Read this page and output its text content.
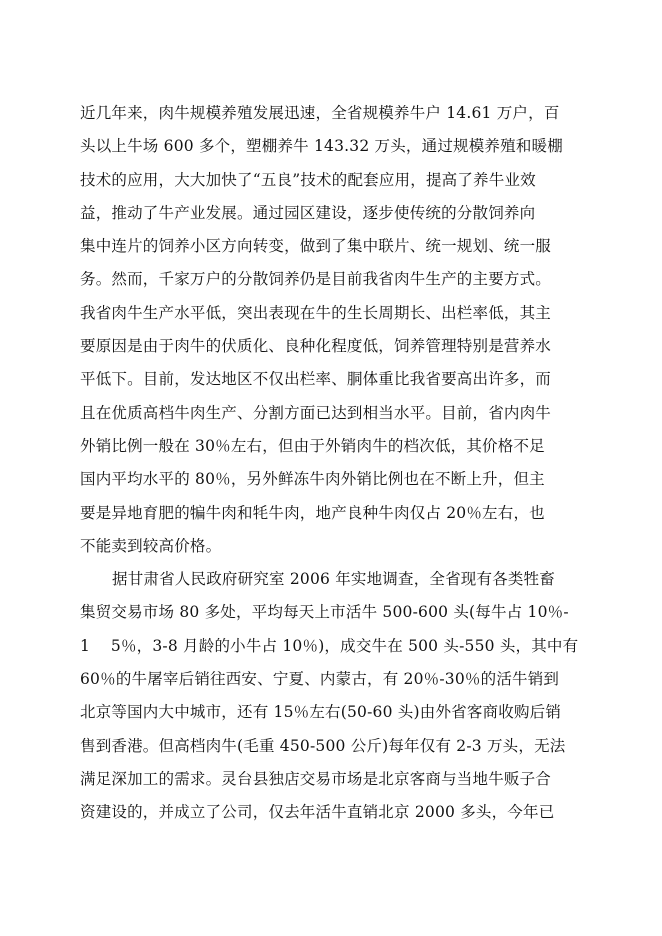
近几年来，肉牛规模养殖发展迅速，全省规模养牛户 14.61 万户，百
头以上牛场 600 多个，塑棚养牛 143.32 万头，通过规模养殖和暖棚
技术的应用，大大加快了“五良”技术的配套应用，提高了养牛业效
益，推动了牛产业发展。通过园区建设，逐步使传统的分散饲养向
集中连片的饲养小区方向转变，做到了集中联片、统一规划、统一服
务。然而，千家万户的分散饲养仍是目前我省肉牛生产的主要方式。
我省肉牛生产水平低，突出表现在牛的生长周期长、出栏率低，其主
要原因是由于肉牛的伏质化、良种化程度低，饲养管理特别是营养水
平低下。目前，发达地区不仅出栏率、胴体重比我省要高出许多，而
且在优质高档牛肉生产、分割方面已达到相当水平。目前，省内肉牛
外销比例一般在 30％左右，但由于外销肉牛的档次低，其价格不足
国内平均水平的 80％，另外鲜冻牛肉外销比例也在不断上升，但主
要是异地育肥的犏牛肉和牦牛肉，地产良种牛肉仅占 20％左右，也
不能卖到较高价格。
据甘肃省人民政府研究室 2006 年实地调查，全省现有各类牲畜
集贸交易市场 80 多处，平均每天上市活牛 500-600 头(每牛占 10％-
1　 5％，3-8 月龄的小牛占 10％)，成交牛在 500 头-550 头，其中有
60％的牛屠宰后销往西安、宁夏、内蒙古，有 20％-30％的活牛销到
北京等国内大中城市，还有 15％左右(50-60 头)由外省客商收购后销
售到香港。但高档肉牛(毛重 450-500 公斤)每年仅有 2-3 万头，无法
满足深加工的需求。灵台县独店交易市场是北京客商与当地牛贩子合
资建设的，并成立了公司，仅去年活牛直销北京 2000 多头，今年已
